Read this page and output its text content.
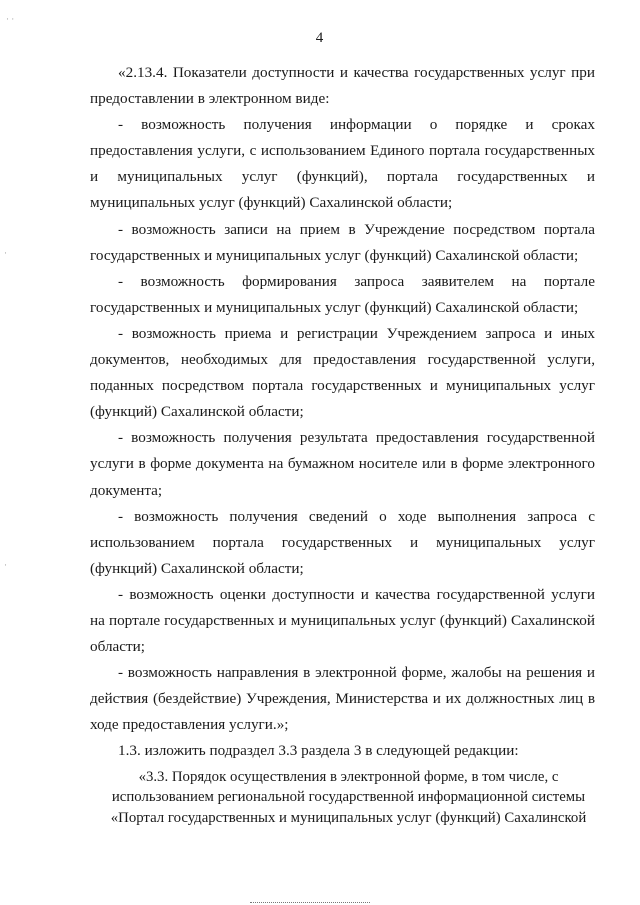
4
· ·
·
·

«2.13.4. Показатели доступности и качества государственных услуг при предоставлении в электронном виде:

- возможность получения информации о порядке и сроках предоставления услуги, с использованием Единого портала государственных и муниципальных услуг (функций), портала государственных и муниципальных услуг (функций) Сахалинской области;

- возможность записи на прием в Учреждение посредством портала государственных и муниципальных услуг (функций) Сахалинской области;

- возможность формирования запроса заявителем на портале государственных и муниципальных услуг (функций) Сахалинской области;

- возможность приема и регистрации Учреждением запроса и иных документов, необходимых для предоставления государственной услуги, поданных посредством портала государственных и муниципальных услуг (функций) Сахалинской области;

- возможность получения результата предоставления государственной услуги в форме документа на бумажном носителе или в форме электронного документа;

- возможность получения сведений о ходе выполнения запроса с использованием портала государственных и муниципальных услуг (функций) Сахалинской области;

- возможность оценки доступности и качества государственной услуги на портале государственных и муниципальных услуг (функций) Сахалинской области;

- возможность направления в электронной форме, жалобы на решения и действия (бездействие) Учреждения, Министерства и их должностных лиц в ходе предоставления услуги.»;

1.3. изложить подраздел 3.3 раздела 3 в следующей редакции:

«3.3. Порядок осуществления в электронной форме, в том числе, с

использованием региональной государственной информационной системы

«Портал государственных и муниципальных услуг (функций) Сахалинской
